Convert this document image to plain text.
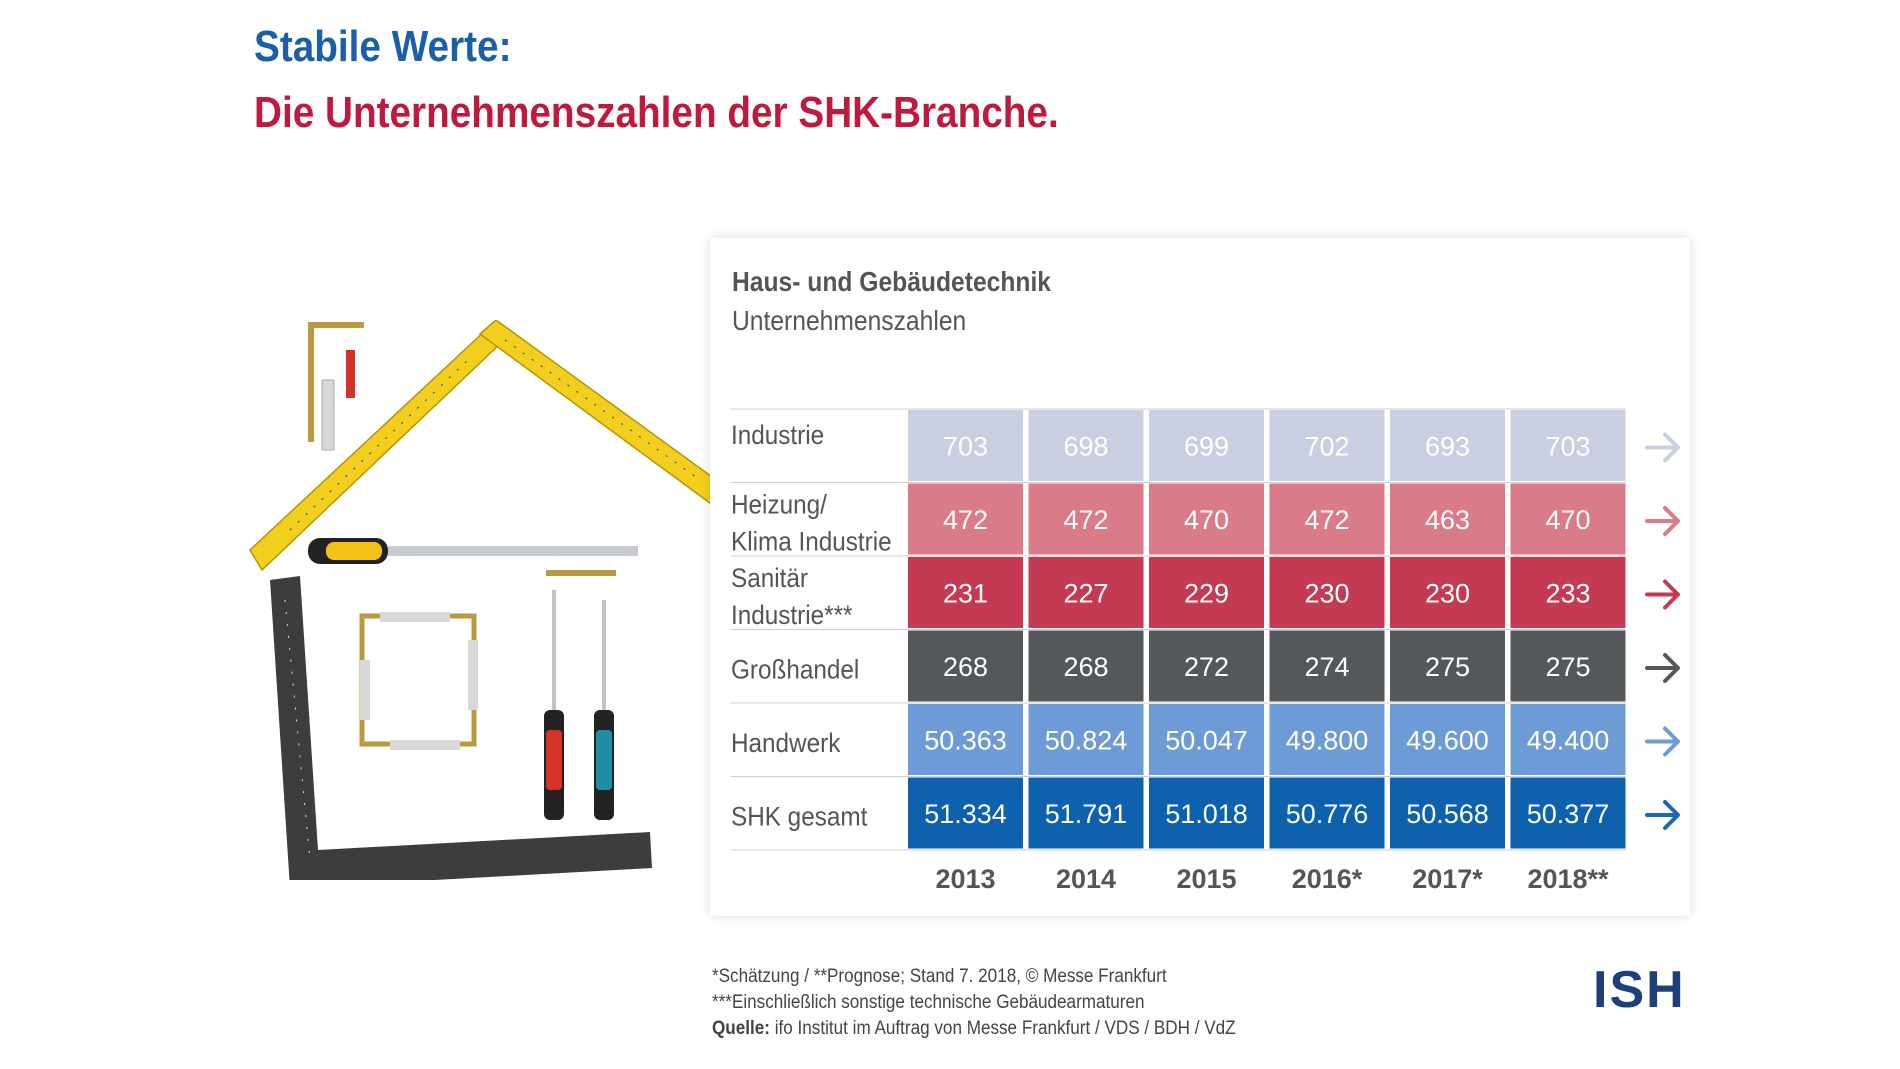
Stabile Werte:
Die Unternehmenszahlen der SHK-Branche.
Haus- und Gebäudetechnik
Unternehmenszahlen
Industrie	703	698	699	702	693	703
Heizung/
Klima Industrie
472	472	470	472	463	470
Sanitär
Industrie***
231	227	229	230	230	233
Großhandel	268	268	272	274	275	275
Handwerk	50.363 50.824 50.047 49.800 49.600 49.400
SHK gesamt 51.334 51.791 51.018 50.776 50.568 50.377
2013 2014 2015 2016* 2017* 2018**
*Schätzung / **Prognose; Stand 7. 2018, © Messe Frankfurt
***Einschließlich sonstige technische Gebäudearmaturen
Quelle: ifo Institut im Auftrag von Messe Frankfurt / VDS / BDH / VdZ
ISH
